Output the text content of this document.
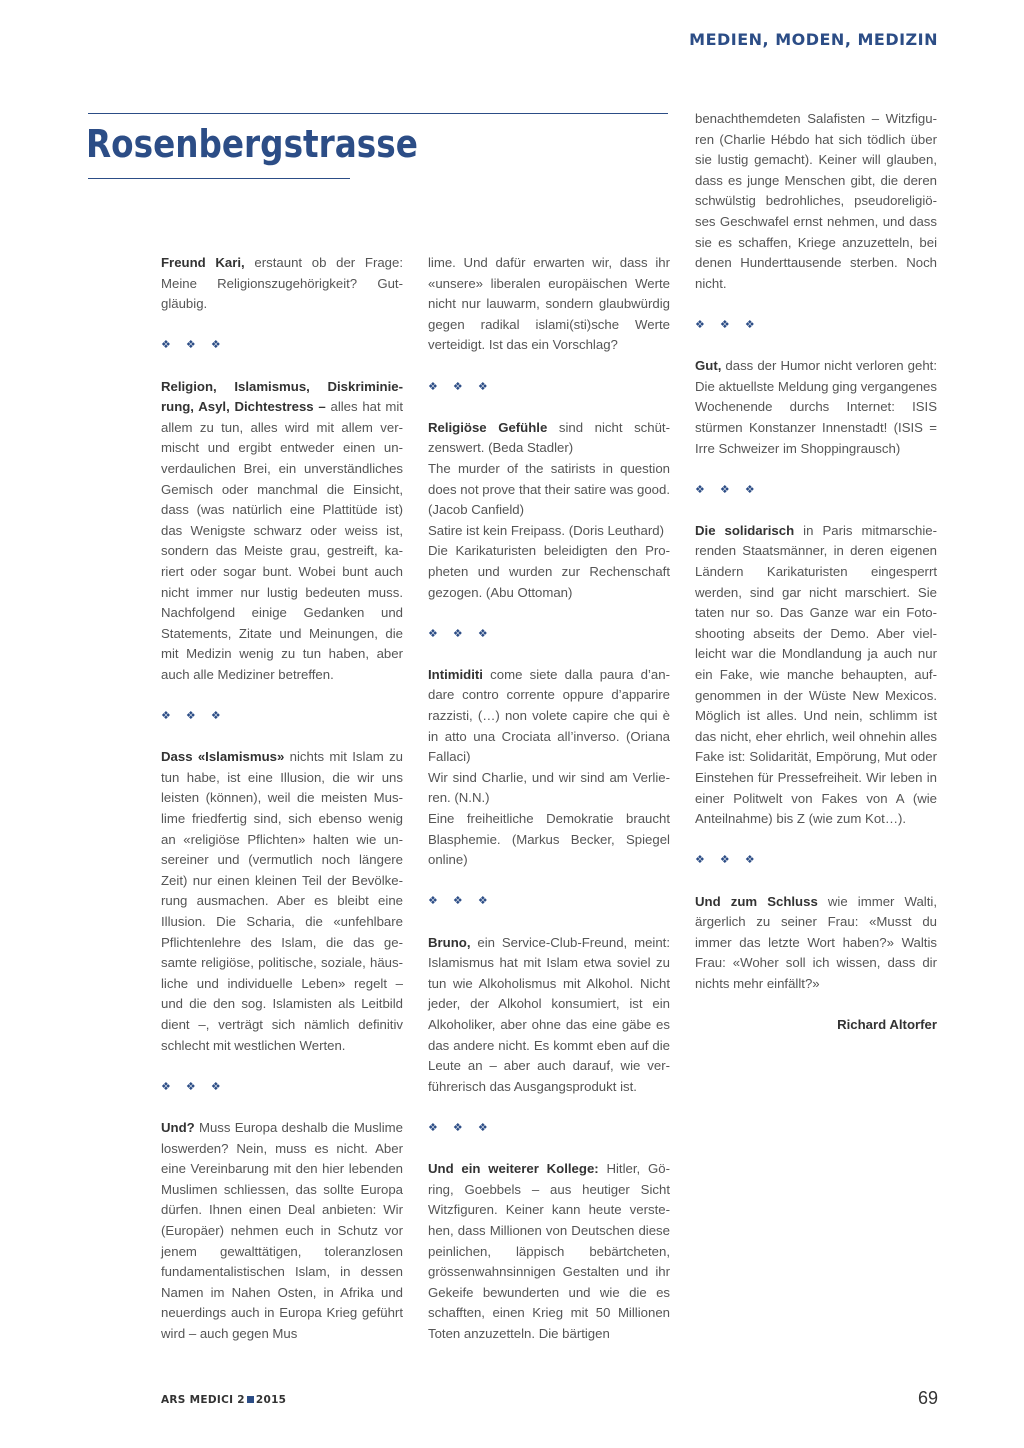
MEDIEN, MODEN, MEDIZIN
Rosenbergstrasse

Freund Kari, erstaunt ob der Frage: Meine Religionszugehörigkeit? Gutgläubig.

❖ ❖ ❖

Religion, Islamismus, Diskriminierung, Asyl, Dichtestress – alles hat mit allem zu tun, alles wird mit allem vermischt und ergibt entweder einen unverdaulichen Brei, ein unverständliches Gemisch oder manchmal die Einsicht, dass (was natürlich eine Plattitüde ist) das Wenigste schwarz oder weiss ist, sondern das Meiste grau, gestreift, kariert oder sogar bunt. Wobei bunt auch nicht immer nur lustig bedeuten muss. Nachfolgend einige Gedanken und Statements, Zitate und Meinungen, die mit Medizin wenig zu tun haben, aber auch alle Mediziner betreffen.

❖ ❖ ❖

Dass «Islamismus» nichts mit Islam zu tun habe, ist eine Illusion, die wir uns leisten (können), weil die meisten Muslime friedfertig sind, sich ebenso wenig an «religiöse Pflichten» halten wie unsereiner und (vermutlich noch längere Zeit) nur einen kleinen Teil der Bevölkerung ausmachen. Aber es bleibt eine Illusion. Die Scharia, die «unfehlbare Pflichtenlehre des Islam, die das gesamte religiöse, politische, soziale, häusliche und individuelle Leben» regelt – und die den sog. Islamisten als Leitbild dient –, verträgt sich nämlich definitiv schlecht mit westlichen Werten.

❖ ❖ ❖

Und? Muss Europa deshalb die Muslime loswerden? Nein, muss es nicht. Aber eine Vereinbarung mit den hier lebenden Muslimen schliessen, das sollte Europa dürfen. Ihnen einen Deal anbieten: Wir (Europäer) nehmen euch in Schutz vor jenem gewalttätigen, toleranzlosen fundamentalistischen Islam, in dessen Namen im Nahen Osten, in Afrika und neuerdings auch in Europa Krieg geführt wird – auch gegen Mus

lime. Und dafür erwarten wir, dass ihr «unsere» liberalen europäischen Werte nicht nur lauwarm, sondern glaubwürdig gegen radikal islami(sti)sche Werte verteidigt. Ist das ein Vorschlag?

❖ ❖ ❖

Religiöse Gefühle sind nicht schützenswert. (Beda Stadler)

The murder of the satirists in question does not prove that their satire was good. (Jacob Canfield)

Satire ist kein Freipass. (Doris Leuthard)

Die Karikaturisten beleidigten den Propheten und wurden zur Rechenschaft gezogen. (Abu Ottoman)

❖ ❖ ❖

Intimiditi come siete dalla paura d’andare contro corrente oppure d’apparire razzisti, (…) non volete capire che qui è in atto una Crociata all’inverso. (Oriana Fallaci)

Wir sind Charlie, und wir sind am Verlieren. (N.N.)

Eine freiheitliche Demokratie braucht Blasphemie. (Markus Becker, Spiegel online)

❖ ❖ ❖

Bruno, ein Service-Club-Freund, meint: Islamismus hat mit Islam etwa soviel zu tun wie Alkoholismus mit Alkohol. Nicht jeder, der Alkohol konsumiert, ist ein Alkoholiker, aber ohne das eine gäbe es das andere nicht. Es kommt eben auf die Leute an – aber auch darauf, wie verführerisch das Ausgangsprodukt ist.

❖ ❖ ❖

Und ein weiterer Kollege: Hitler, Göring, Goebbels – aus heutiger Sicht Witzfiguren. Keiner kann heute verstehen, dass Millionen von Deutschen diese peinlichen, läppisch bebärtcheten, grössenwahnsinnigen Gestalten und ihr Gekeife bewunderten und wie die es schafften, einen Krieg mit 50 Millionen Toten anzuzetteln. Die bärtigen

benachthemdeten Salafisten – Witzfiguren (Charlie Hébdo hat sich tödlich über sie lustig gemacht). Keiner will glauben, dass es junge Menschen gibt, die deren schwülstig bedrohliches, pseudoreligiöses Geschwafel ernst nehmen, und dass sie es schaffen, Kriege anzuzetteln, bei denen Hunderttausende sterben. Noch nicht.

❖ ❖ ❖

Gut, dass der Humor nicht verloren geht: Die aktuellste Meldung ging vergangenes Wochenende durchs Internet: ISIS stürmen Konstanzer Innenstadt! (ISIS = Irre Schweizer im Shoppingrausch)

❖ ❖ ❖

Die solidarisch in Paris mitmarschierenden Staatsmänner, in deren eigenen Ländern Karikaturisten eingesperrt werden, sind gar nicht marschiert. Sie taten nur so. Das Ganze war ein Fotoshooting abseits der Demo. Aber vielleicht war die Mondlandung ja auch nur ein Fake, wie manche behaupten, aufgenommen in der Wüste New Mexicos. Möglich ist alles. Und nein, schlimm ist das nicht, eher ehrlich, weil ohnehin alles Fake ist: Solidarität, Empörung, Mut oder Einstehen für Pressefreiheit. Wir leben in einer Politwelt von Fakes von A (wie Anteilnahme) bis Z (wie zum Kot…).

❖ ❖ ❖

Und zum Schluss wie immer Walti, ärgerlich zu seiner Frau: «Musst du immer das letzte Wort haben?» Waltis Frau: «Woher soll ich wissen, dass dir nichts mehr einfällt?»

Richard Altorfer

ARS MEDICI 2 2015	69
